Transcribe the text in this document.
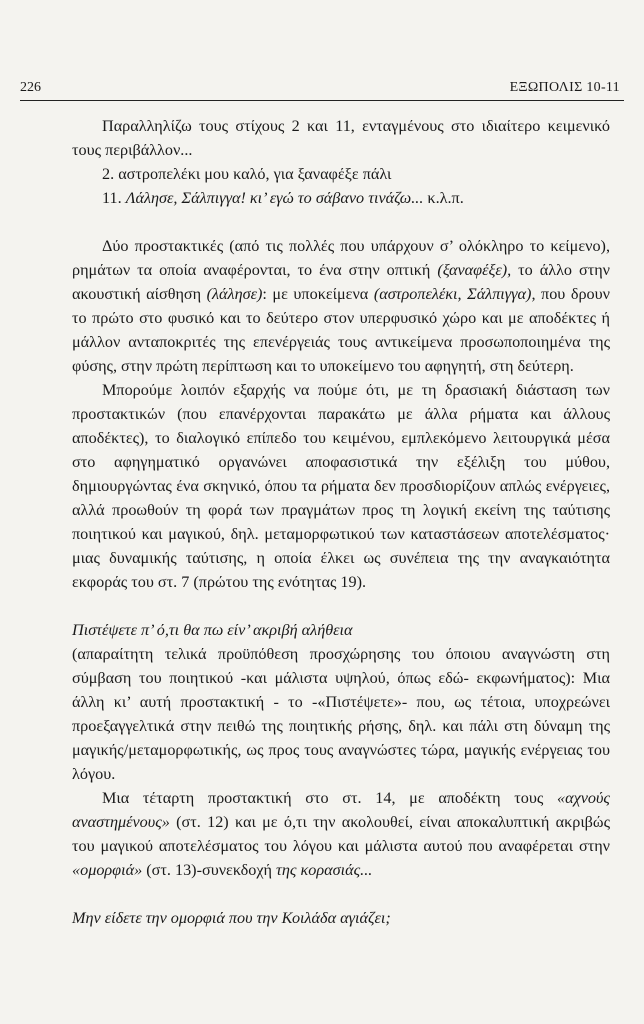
226	ΕΞΩΠΟΛΙΣ 10-11

Παραλληλίζω τους στίχους 2 και 11, ενταγμένους στο ιδιαίτερο κειμενικό τους περιβάλλον...

2. αστροπελέκι μου καλό, για ξαναφέξε πάλι

11. Λάλησε, Σάλπιγγα! κι’ εγώ το σάβανο τινάζω... κ.λ.π.

Δύο προστακτικές (από τις πολλές που υπάρχουν σ’ ολόκληρο το κείμενο), ρημάτων τα οποία αναφέρονται, το ένα στην οπτική (ξαναφέξε), το άλλο στην ακουστική αίσθηση (λάλησε): με υποκείμενα (αστροπελέκι, Σάλπιγγα), που δρουν το πρώτο στο φυσικό και το δεύτερο στον υπερφυσικό χώρο και με αποδέκτες ή μάλλον ανταποκριτές της επενέργειάς τους αντικείμενα προσωποποιημένα της φύσης, στην πρώτη περίπτωση και το υποκείμενο του αφηγητή, στη δεύτερη.

Μπορούμε λοιπόν εξαρχής να πούμε ότι, με τη δρασιακή διάσταση των προστακτικών (που επανέρχονται παρακάτω με άλλα ρήματα και άλλους αποδέκτες), το διαλογικό επίπεδο του κειμένου, εμπλεκόμενο λειτουργικά μέσα στο αφηγηματικό οργανώνει αποφασιστικά την εξέλιξη του μύθου, δημιουργώντας ένα σκηνικό, όπου τα ρήματα δεν προσδιορίζουν απλώς ενέργειες, αλλά προωθούν τη φορά των πραγμάτων προς τη λογική εκείνη της ταύτισης ποιητικού και μαγικού, δηλ. μεταμορφωτικού των καταστάσεων αποτελέσματος· μιας δυναμικής ταύτισης, η οποία έλκει ως συνέπεια της την αναγκαιότητα εκφοράς του στ. 7 (πρώτου της ενότητας 19).

Πιστέψετε π’ ό,τι θα πω είν’ ακριβή αλήθεια

(απαραίτητη τελικά προϋπόθεση προσχώρησης του όποιου αναγνώστη στη σύμβαση του ποιητικού -και μάλιστα υψηλού, όπως εδώ- εκφωνήματος): Μια άλλη κι’ αυτή προστακτική - το -«Πιστέψετε»- που, ως τέτοια, υποχρεώνει προεξαγγελτικά στην πειθώ της ποιητικής ρήσης, δηλ. και πάλι στη δύναμη της μαγικής/μεταμορφωτικής, ως προς τους αναγνώστες τώρα, μαγικής ενέργειας του λόγου.

Μια τέταρτη προστακτική στο στ. 14, με αποδέκτη τους «αχνούς αναστημένους» (στ. 12) και με ό,τι την ακολουθεί, είναι αποκαλυπτική ακριβώς του μαγικού αποτελέσματος του λόγου και μάλιστα αυτού που αναφέρεται στην «ομορφιά» (στ. 13)-συνεκδοχή της κορασιάς...

Μην είδετε την ομορφιά που την Κοιλάδα αγιάζει;
